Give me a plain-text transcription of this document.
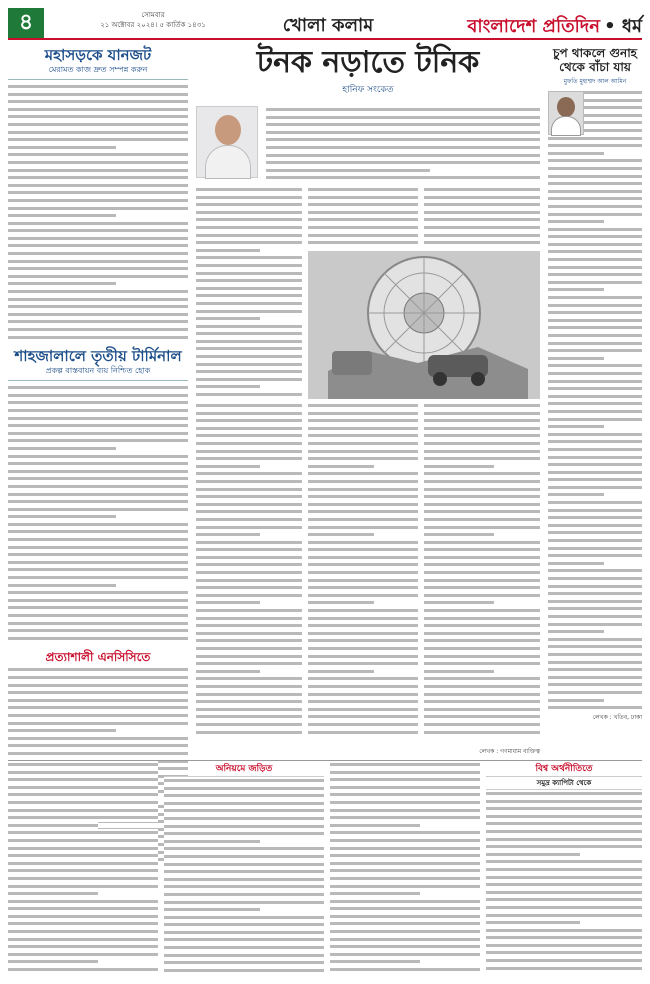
৪	সোমবার
২১ অক্টোবর ২০২৪। ৫ কার্তিক ১৪৩১	খোলা কলাম	বাংলাদেশ প্রতিদিন • ধর্ম
মহাসড়কে যানজট
মেরামত কাজ দ্রুত সম্পন্ন করুন
শাহজালালে তৃতীয় টার্মিনাল
প্রকল্প বাস্তবায়ন ব্যয় নিশ্চিত হোক
প্রত্যাশালী এনসিসিতে
টনক নড়াতে টনিক
হানিফ সংকেত
লেখক : গণমাধ্যম ব্যক্তিত্ব
চুপ থাকলে গুনাহ থেকে বাঁচা যায়
মুফতি মুহাম্মদ আল আমিন
লেখক : খতিব, ঢাকা
অনিয়মে জড়িত	বিশ্ব অর্থনীতিতে
সমুদ্র ক্যাপিটা থেকে
